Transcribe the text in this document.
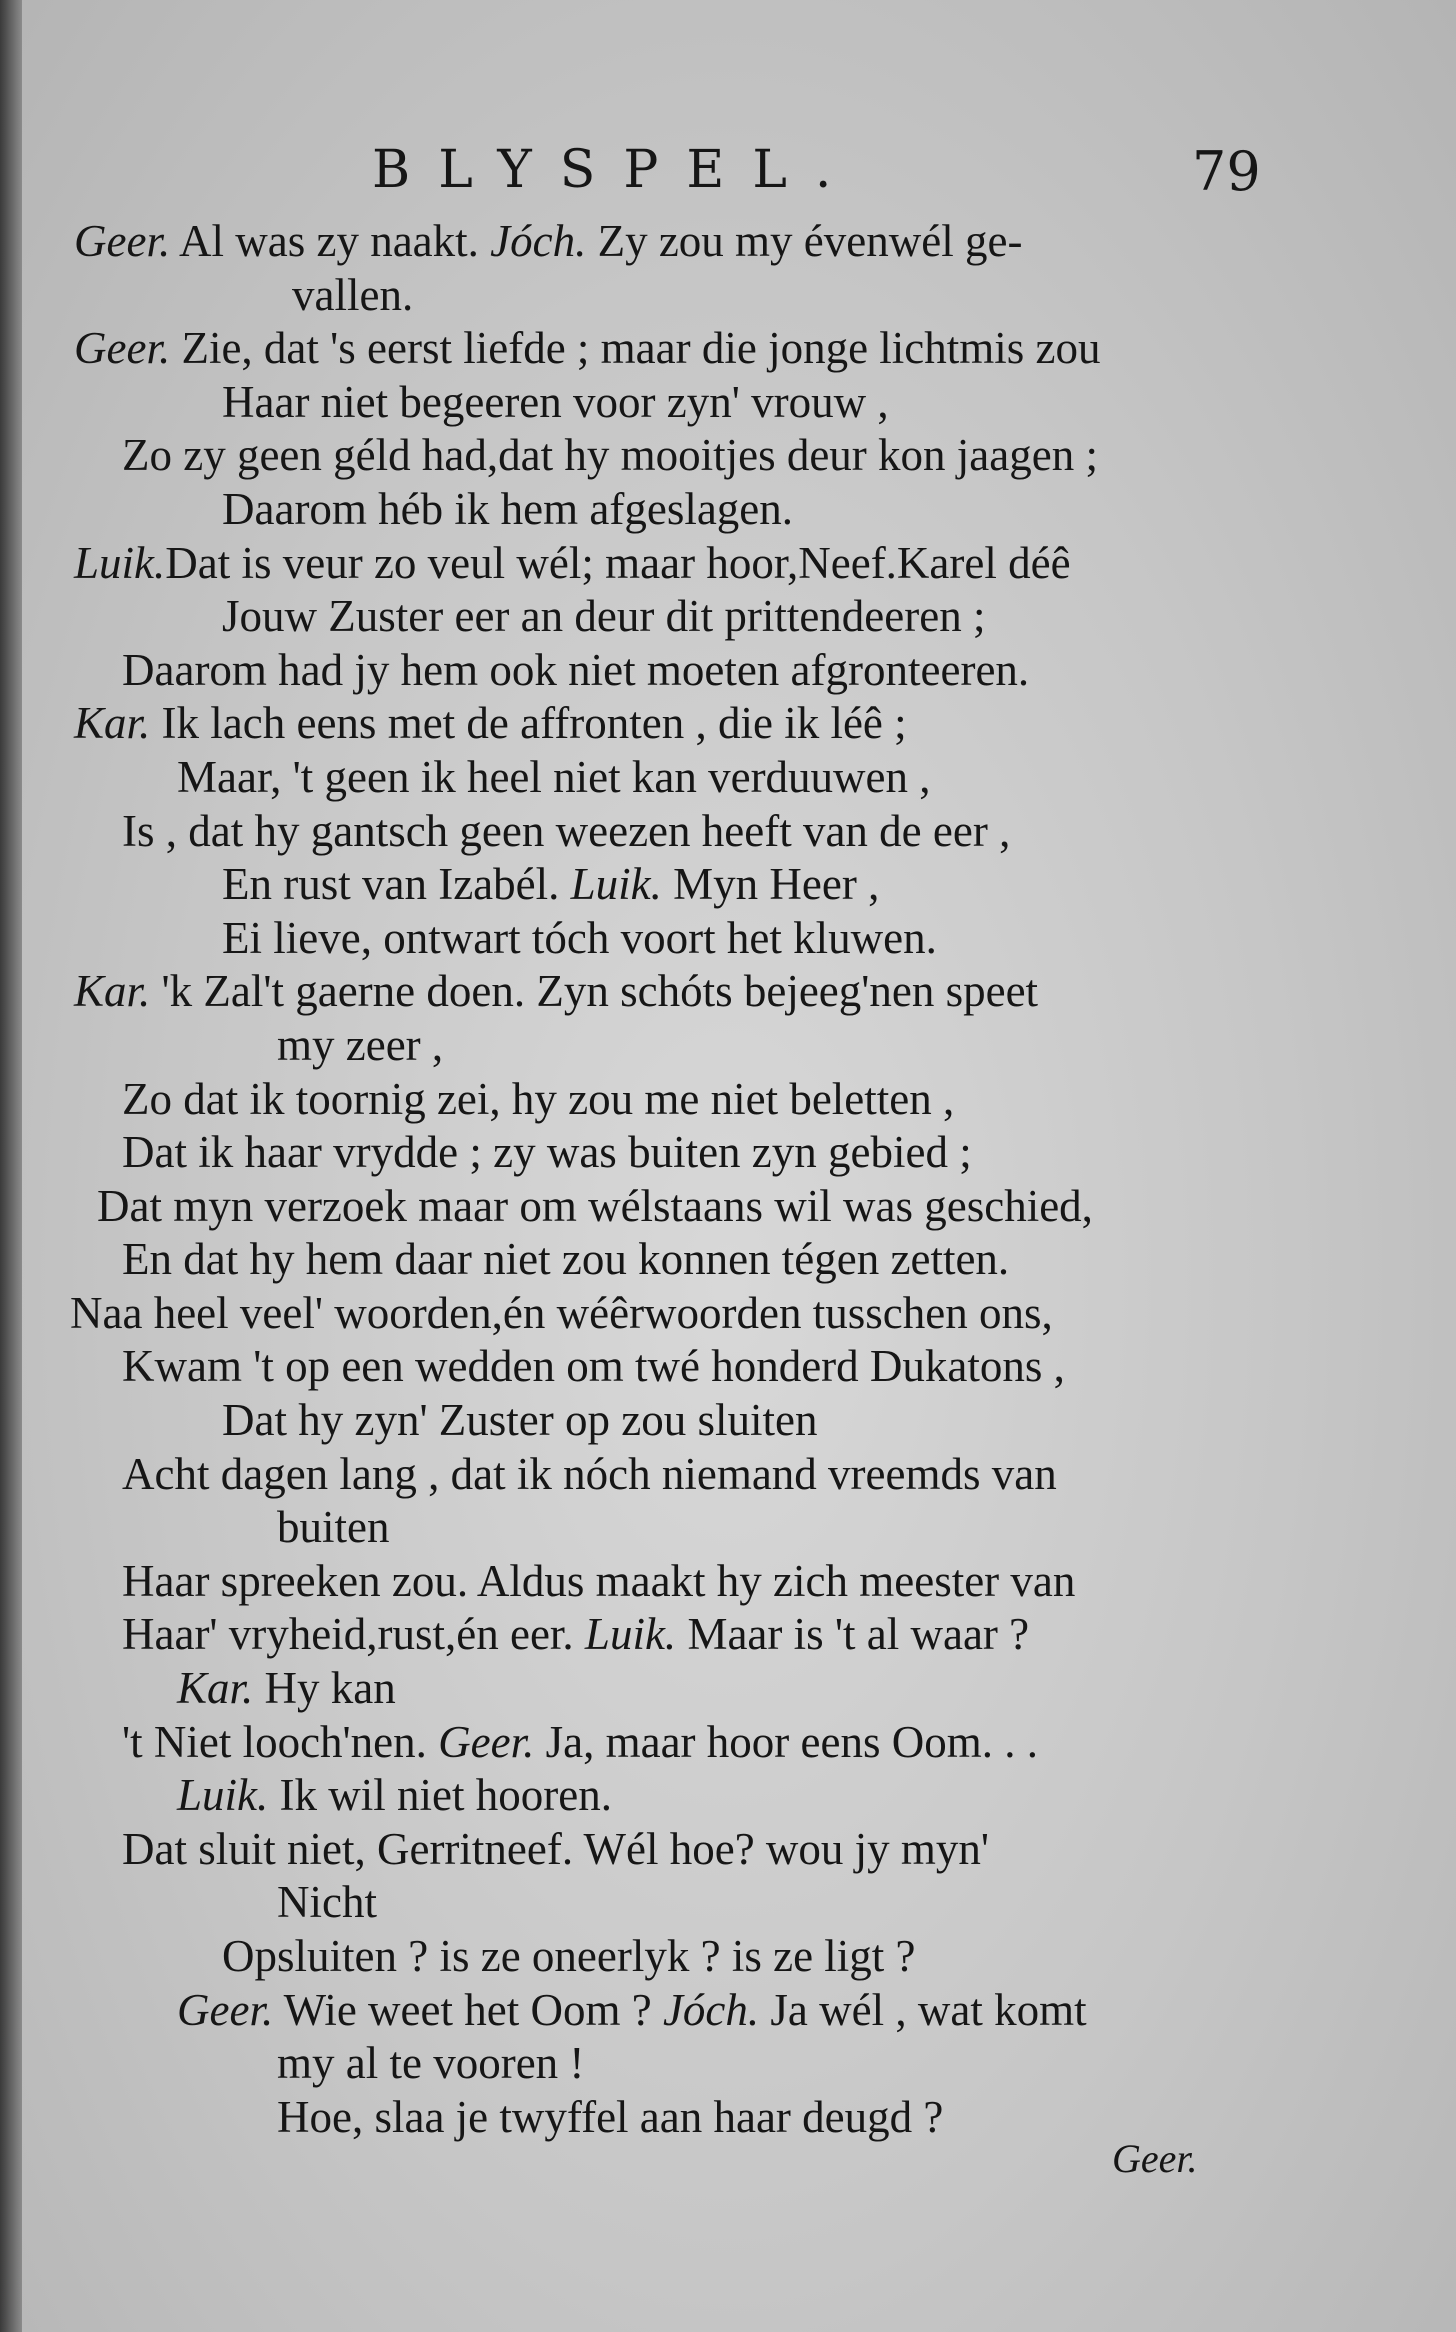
BLYSPEL.	79
Geer. Al was zy naakt. Jóch. Zy zou my évenwél ge-
vallen.
Geer. Zie, dat 's eerst liefde ; maar die jonge lichtmis zou
Haar niet begeeren voor zyn' vrouw ,
Zo zy geen géld had,dat hy mooitjes deur kon jaagen ;
Daarom héb ik hem afgeslagen.
Luik.Dat is veur zo veul wél; maar hoor,Neef.Karel déê
Jouw Zuster eer an deur dit prittendeeren ;
Daarom had jy hem ook niet moeten afgronteeren.
Kar. Ik lach eens met de affronten , die ik léê ;
Maar, 't geen ik heel niet kan verduuwen ,
Is , dat hy gantsch geen weezen heeft van de eer ,
En rust van Izabél. Luik. Myn Heer ,
Ei lieve, ontwart tóch voort het kluwen.
Kar. 'k Zal't gaerne doen. Zyn schóts bejeeg'nen speet
my zeer ,
Zo dat ik toornig zei, hy zou me niet beletten ,
Dat ik haar vrydde ; zy was buiten zyn gebied ;
Dat myn verzoek maar om wélstaans wil was geschied,
En dat hy hem daar niet zou konnen tégen zetten.
Naa heel veel' woorden,én wéêrwoorden tusschen ons,
Kwam 't op een wedden om twé honderd Dukatons ,
Dat hy zyn' Zuster op zou sluiten
Acht dagen lang , dat ik nóch niemand vreemds van
buiten
Haar spreeken zou. Aldus maakt hy zich meester van
Haar' vryheid,rust,én eer. Luik. Maar is 't al waar ?
Kar. Hy kan
't Niet looch'nen. Geer. Ja, maar hoor eens Oom. . .
Luik. Ik wil niet hooren.
Dat sluit niet, Gerritneef. Wél hoe? wou jy myn'
Nicht
Opsluiten ? is ze oneerlyk ? is ze ligt ?
Geer. Wie weet het Oom ? Jóch. Ja wél , wat komt
my al te vooren !
Hoe, slaa je twyffel aan haar deugd ?
Geer.
